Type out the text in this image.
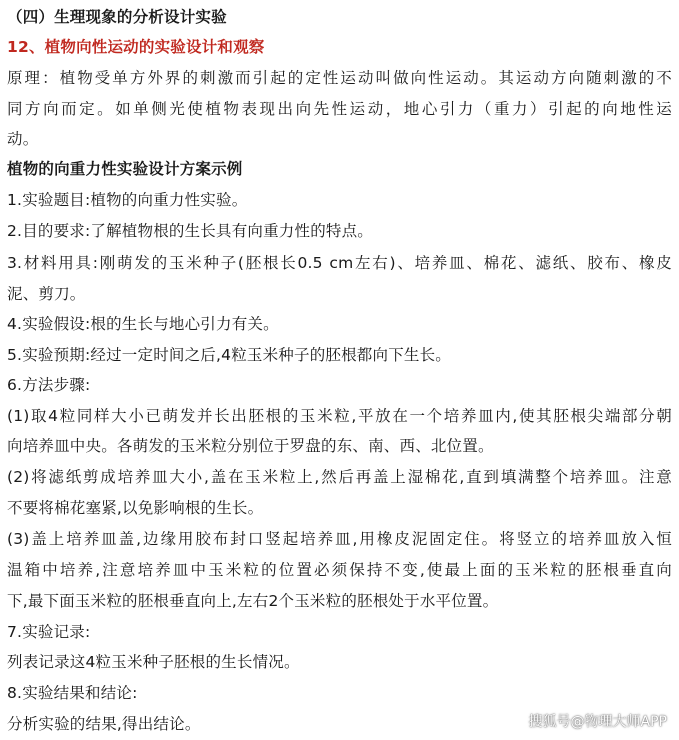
（四）生理现象的分析设计实验
12、植物向性运动的实验设计和观察
原理：植物受单方外界的刺激而引起的定性运动叫做向性运动。其运动方向随刺激的不
同方向而定。如单侧光使植物表现出向先性运动，地心引力（重力）引起的向地性运
动。
植物的向重力性实验设计方案示例
1.实验题目:植物的向重力性实验。
2.目的要求:了解植物根的生长具有向重力性的特点。
3.材料用具:刚萌发的玉米种子(胚根长0.5 cm左右)、培养皿、棉花、滤纸、胶布、橡皮
泥、剪刀。
4.实验假设:根的生长与地心引力有关。
5.实验预期:经过一定时间之后,4粒玉米种子的胚根都向下生长。
6.方法步骤:
(1)取4粒同样大小已萌发并长出胚根的玉米粒,平放在一个培养皿内,使其胚根尖端部分朝
向培养皿中央。各萌发的玉米粒分别位于罗盘的东、南、西、北位置。
(2)将滤纸剪成培养皿大小,盖在玉米粒上,然后再盖上湿棉花,直到填满整个培养皿。注意
不要将棉花塞紧,以免影响根的生长。
(3)盖上培养皿盖,边缘用胶布封口竖起培养皿,用橡皮泥固定住。将竖立的培养皿放入恒
温箱中培养,注意培养皿中玉米粒的位置必须保持不变,使最上面的玉米粒的胚根垂直向
下,最下面玉米粒的胚根垂直向上,左右2个玉米粒的胚根处于水平位置。
7.实验记录:
列表记录这4粒玉米种子胚根的生长情况。
8.实验结果和结论:
分析实验的结果,得出结论。	搜狐号@物理大师APP
